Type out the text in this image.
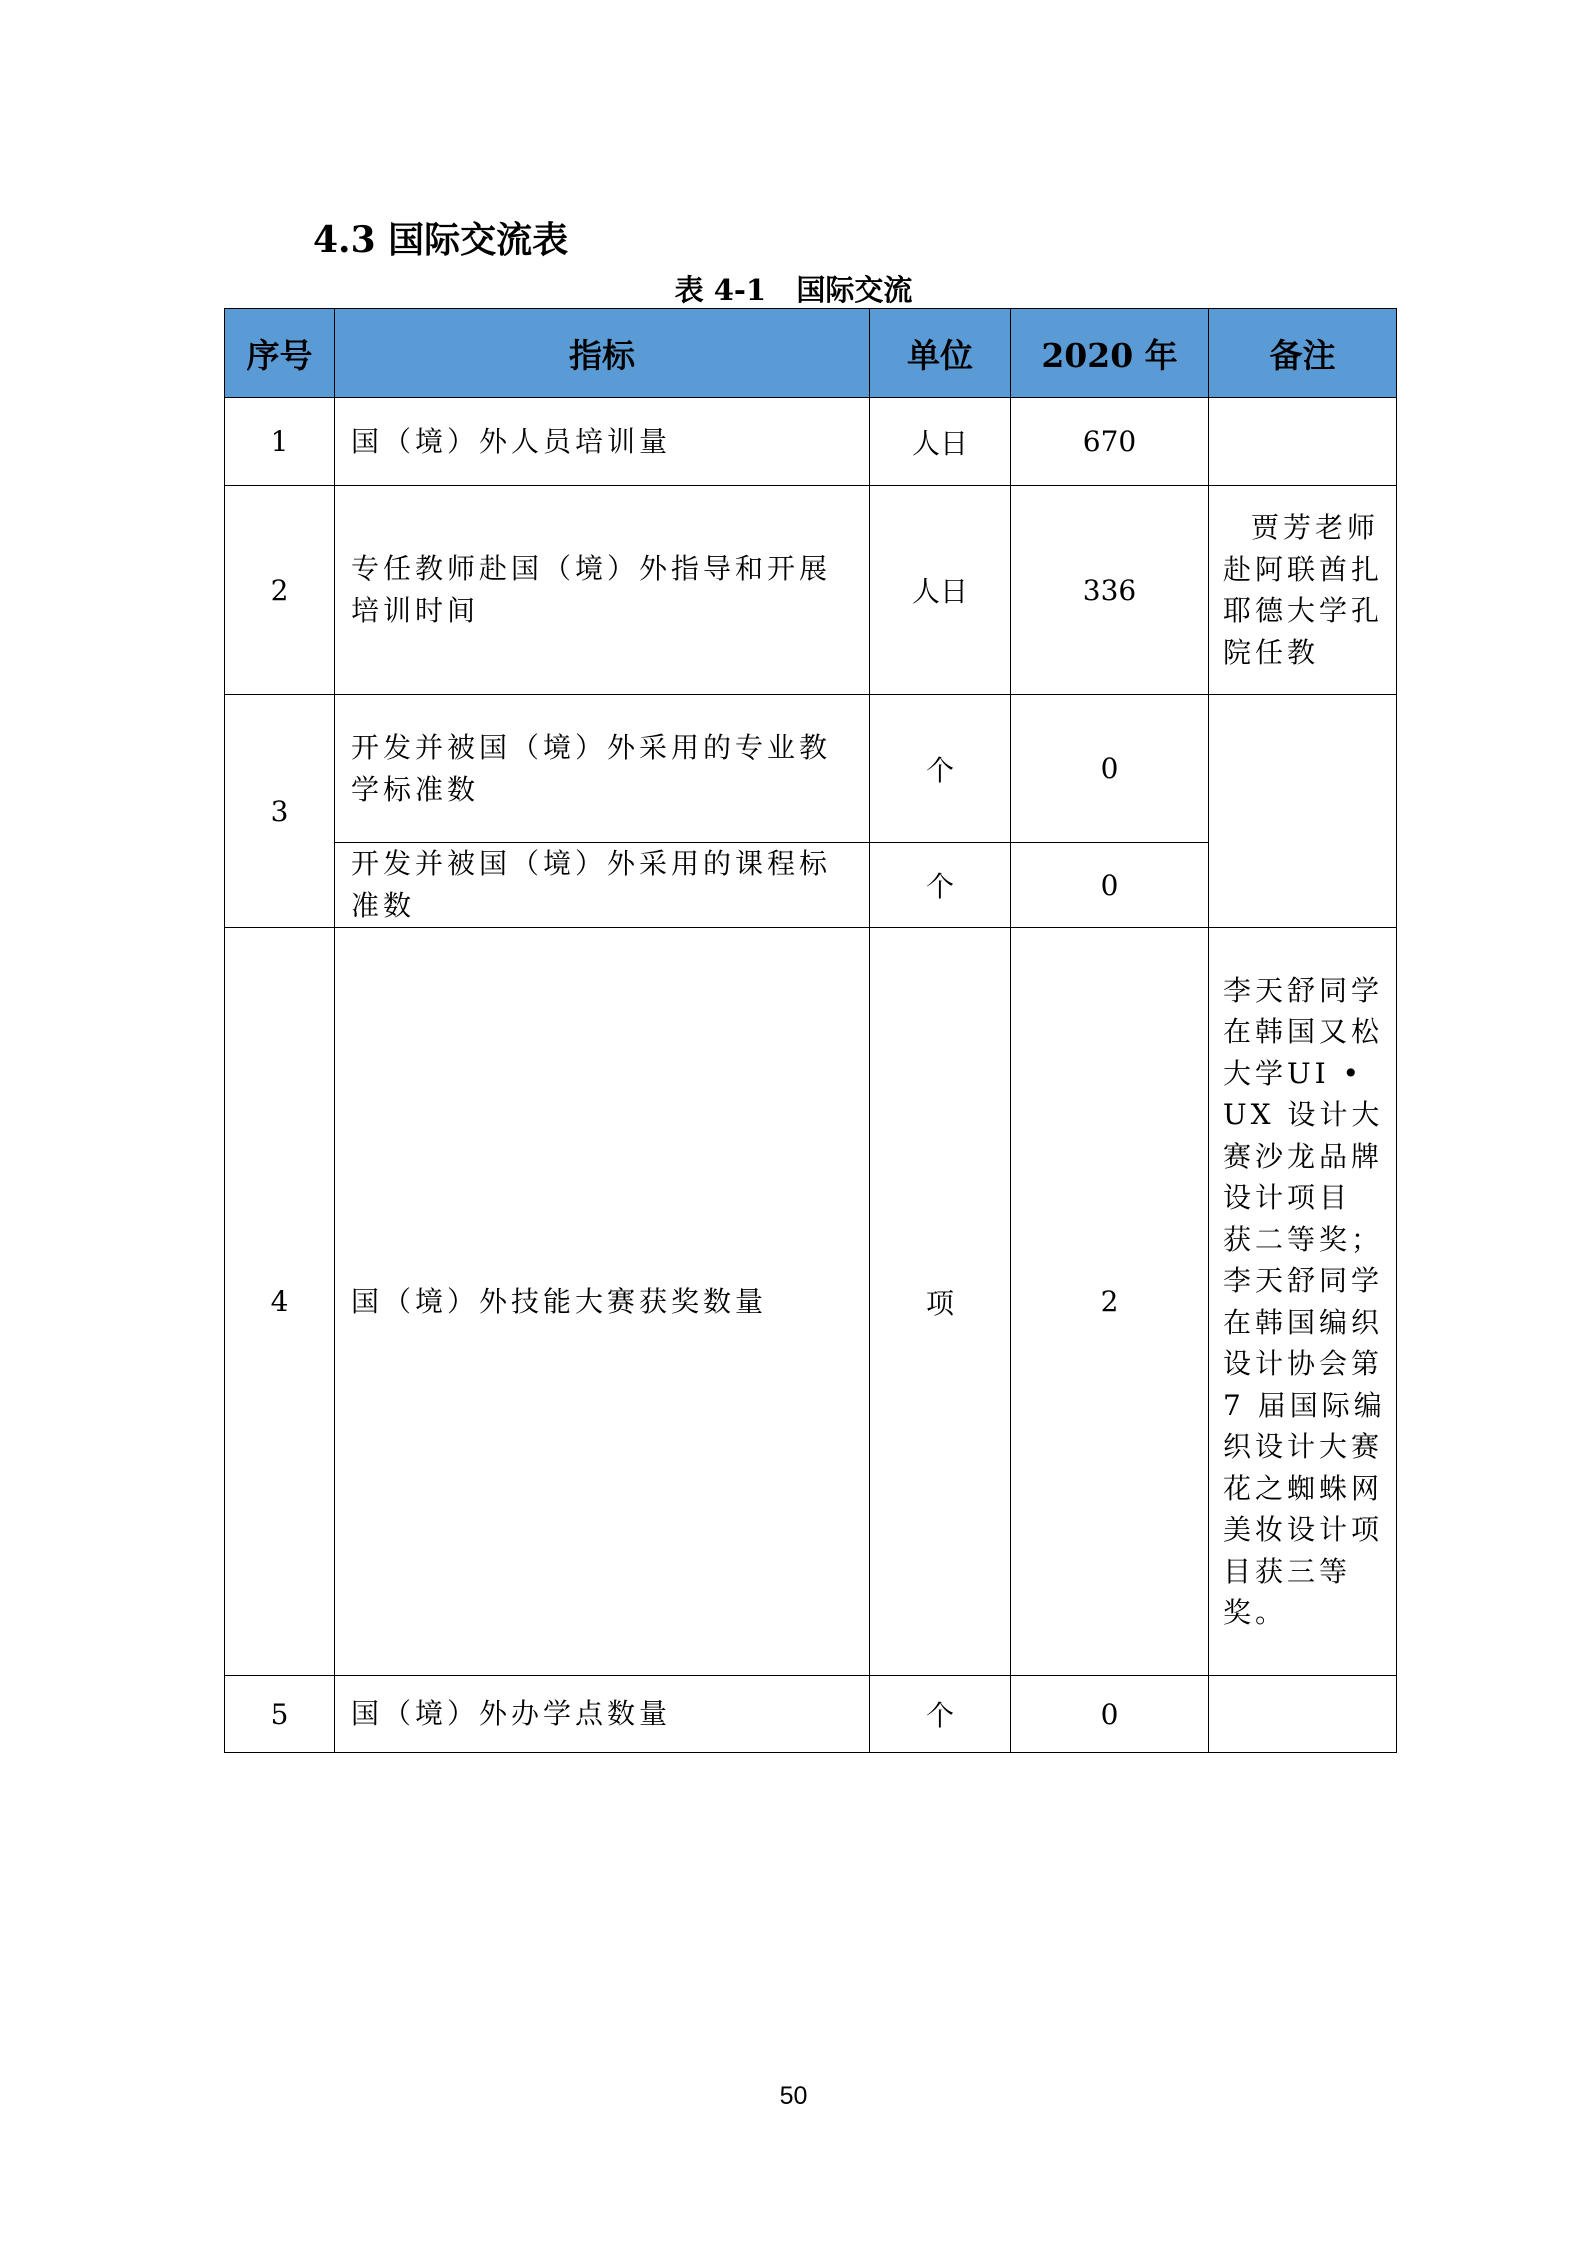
4.3 国际交流表
表 4-1   国际交流
序号	指标	单位	2020 年	备注
1	国（境）外人员培训量	人日	670	
2	专任教师赴国（境）外指导和开展培训时间	人日	336	贾芳老师赴阿联酋扎耶德大学孔院任教
3	开发并被国（境）外采用的专业教学标准数	个	0	
	开发并被国（境）外采用的课程标准数	个	0	
4	国（境）外技能大赛获奖数量	项	2	李天舒同学在韩国又松大学UI •UX 设计大赛沙龙品牌设计项目 获二等奖；李天舒同学在韩国编织设计协会第 7 届国际编织设计大赛花之蜘蛛网美妆设计项目获三等奖。
5	国（境）外办学点数量	个	0	
50
